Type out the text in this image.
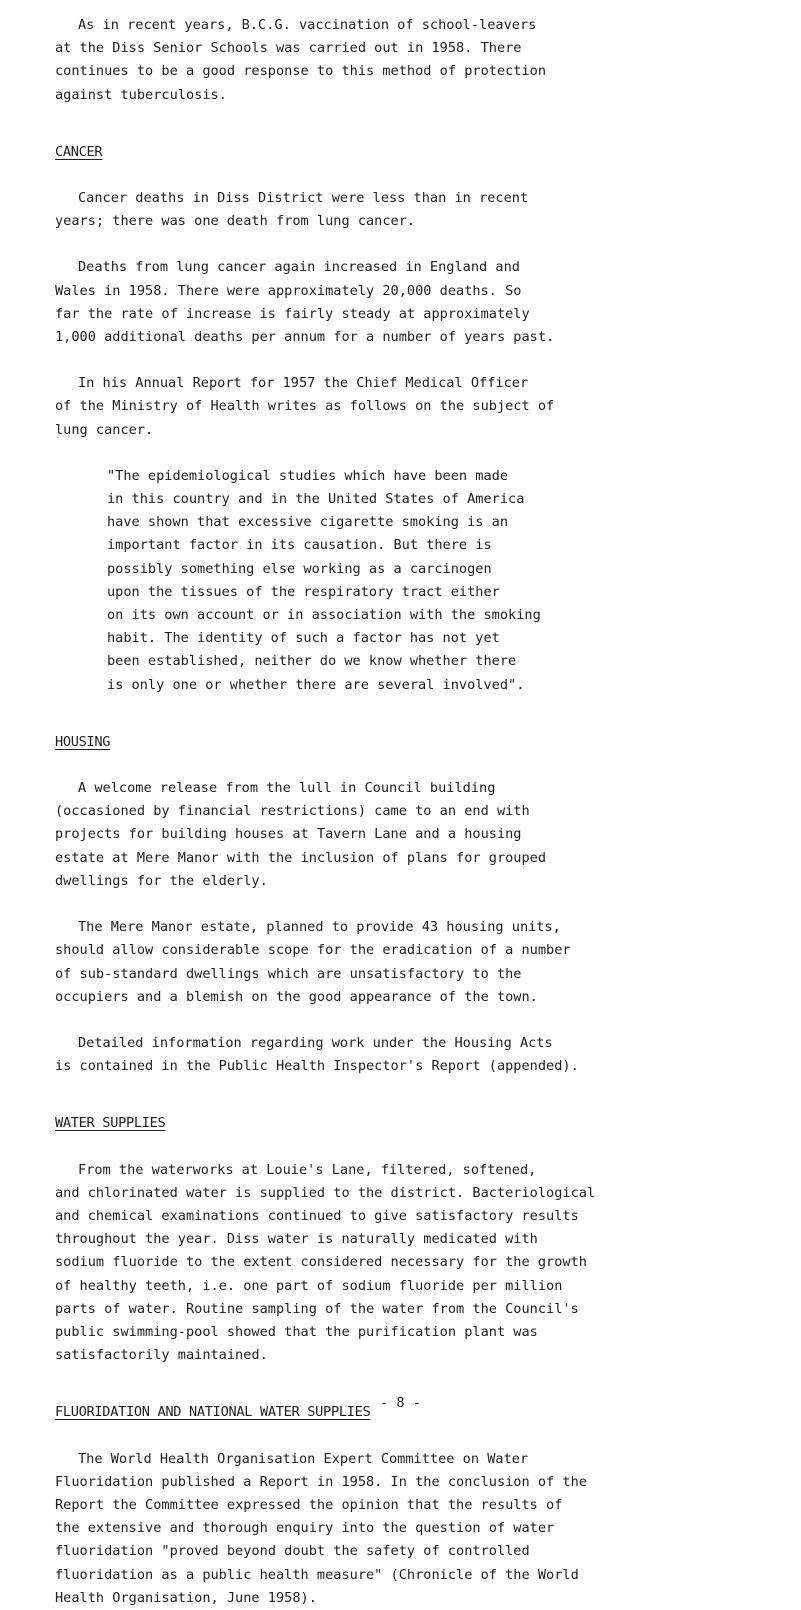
As in recent years, B.C.G. vaccination of school-leavers
at the Diss Senior Schools was carried out in 1958. There
continues to be a good response to this method of protection
against tuberculosis.

CANCER

Cancer deaths in Diss District were less than in recent
years; there was one death from lung cancer.

Deaths from lung cancer again increased in England and
Wales in 1958. There were approximately 20,000 deaths. So
far the rate of increase is fairly steady at approximately
1,000 additional deaths per annum for a number of years past.

In his Annual Report for 1957 the Chief Medical Officer
of the Ministry of Health writes as follows on the subject of
lung cancer.

"The epidemiological studies which have been made
in this country and in the United States of America
have shown that excessive cigarette smoking is an
important factor in its causation. But there is
possibly something else working as a carcinogen
upon the tissues of the respiratory tract either
on its own account or in association with the smoking
habit. The identity of such a factor has not yet
been established, neither do we know whether there
is only one or whether there are several involved".

HOUSING

A welcome release from the lull in Council building
(occasioned by financial restrictions) came to an end with
projects for building houses at Tavern Lane and a housing
estate at Mere Manor with the inclusion of plans for grouped
dwellings for the elderly.

The Mere Manor estate, planned to provide 43 housing units,
should allow considerable scope for the eradication of a number
of sub-standard dwellings which are unsatisfactory to the
occupiers and a blemish on the good appearance of the town.

Detailed information regarding work under the Housing Acts
is contained in the Public Health Inspector's Report (appended).

WATER SUPPLIES

From the waterworks at Louie's Lane, filtered, softened,
and chlorinated water is supplied to the district. Bacteriological
and chemical examinations continued to give satisfactory results
throughout the year. Diss water is naturally medicated with
sodium fluoride to the extent considered necessary for the growth
of healthy teeth, i.e. one part of sodium fluoride per million
parts of water. Routine sampling of the water from the Council's
public swimming-pool showed that the purification plant was
satisfactorily maintained.

FLUORIDATION AND NATIONAL WATER SUPPLIES

The World Health Organisation Expert Committee on Water
Fluoridation published a Report in 1958. In the conclusion of the
Report the Committee expressed the opinion that the results of
the extensive and thorough enquiry into the question of water
fluoridation "proved beyond doubt the safety of controlled
fluoridation as a public health measure" (Chronicle of the World
Health Organisation, June 1958).

- 8 -
